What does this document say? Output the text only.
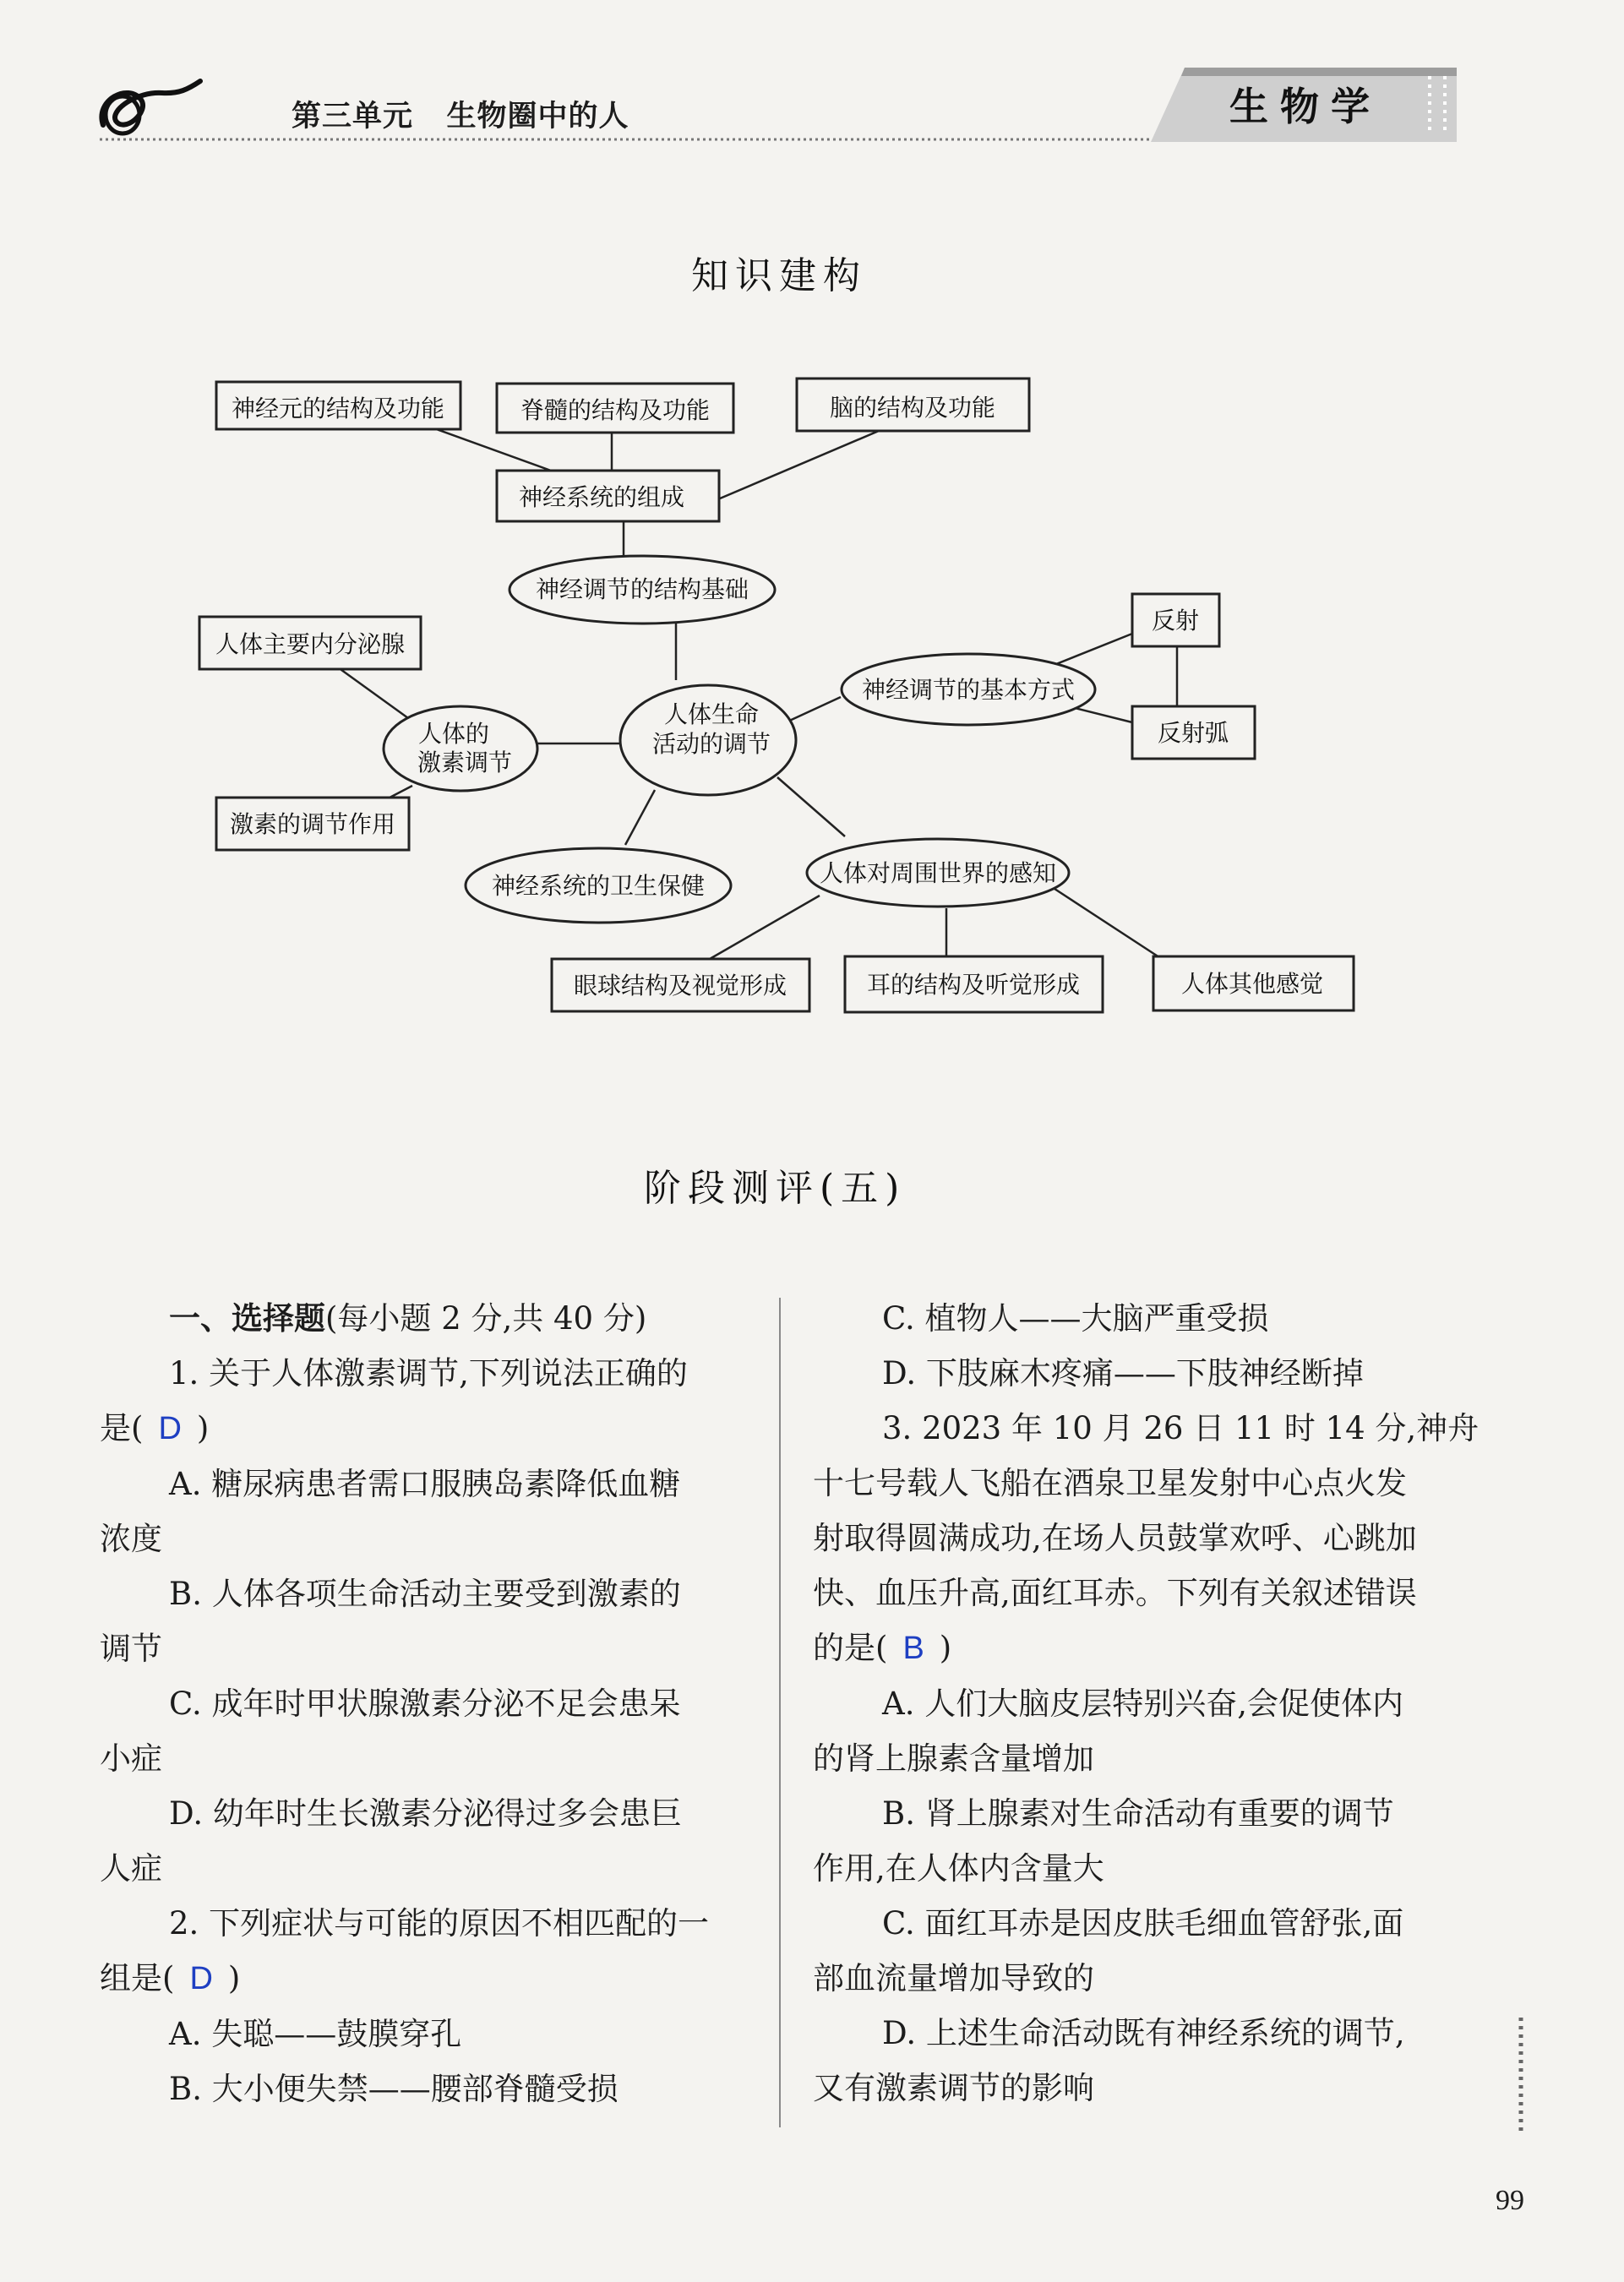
第三单元   生物圈中的人	生物学
知识建构
神经元的结构及功能	脊髓的结构及功能	脑的结构及功能
神经系统的组成
神经调节的结构基础
人体主要内分泌腺
人体的
激素调节
人体生命
活动的调节
神经调节的基本方式
反射
反射弧
激素的调节作用
神经系统的卫生保健	人体对周围世界的感知
眼球结构及视觉形成	耳的结构及听觉形成	人体其他感觉
阶段测评(五)
一、选择题(每小题 2 分,共 40 分)
1. 关于人体激素调节,下列说法正确的
是( D )
A. 糖尿病患者需口服胰岛素降低血糖
浓度
B. 人体各项生命活动主要受到激素的
调节
C. 成年时甲状腺激素分泌不足会患呆
小症
D. 幼年时生长激素分泌得过多会患巨
人症
2. 下列症状与可能的原因不相匹配的一
组是( D )
A. 失聪——鼓膜穿孔
B. 大小便失禁——腰部脊髓受损
C. 植物人——大脑严重受损
D. 下肢麻木疼痛——下肢神经断掉
3. 2023 年 10 月 26 日 11 时 14 分,神舟
十七号载人飞船在酒泉卫星发射中心点火发
射取得圆满成功,在场人员鼓掌欢呼、心跳加
快、血压升高,面红耳赤。下列有关叙述错误
的是( B )
A. 人们大脑皮层特别兴奋,会促使体内
的肾上腺素含量增加
B. 肾上腺素对生命活动有重要的调节
作用,在人体内含量大
C. 面红耳赤是因皮肤毛细血管舒张,面
部血流量增加导致的
D. 上述生命活动既有神经系统的调节,
又有激素调节的影响
99
